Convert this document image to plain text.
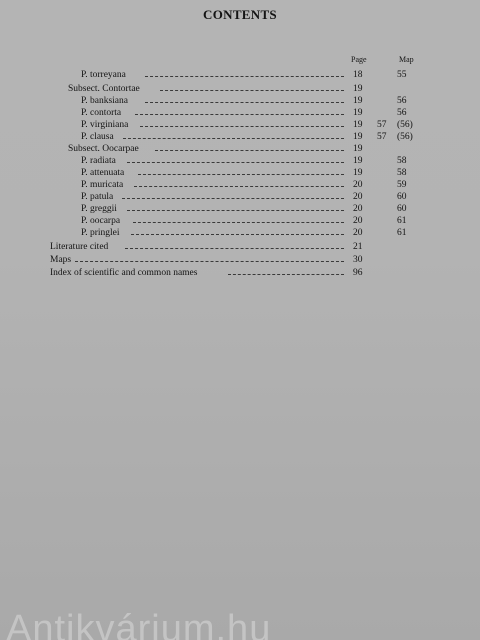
CONTENTS
Page	Map
P. torreyana	18	55
Subsect. Contortae	19
P. banksiana	19	56
P. contorta	19	56
P. virginiana	19 57 (56)
P. clausa	19 57 (56)
Subsect. Oocarpae	19
P. radiata	19	58
P. attenuata	19	58
P. muricata	20	59
P. patula	20	60
P. greggii	20	60
P. oocarpa	20	61
P. pringlei	20	61
Literature cited	21
Maps	30
Index of scientific and common names	96
Antikvárium.hu
